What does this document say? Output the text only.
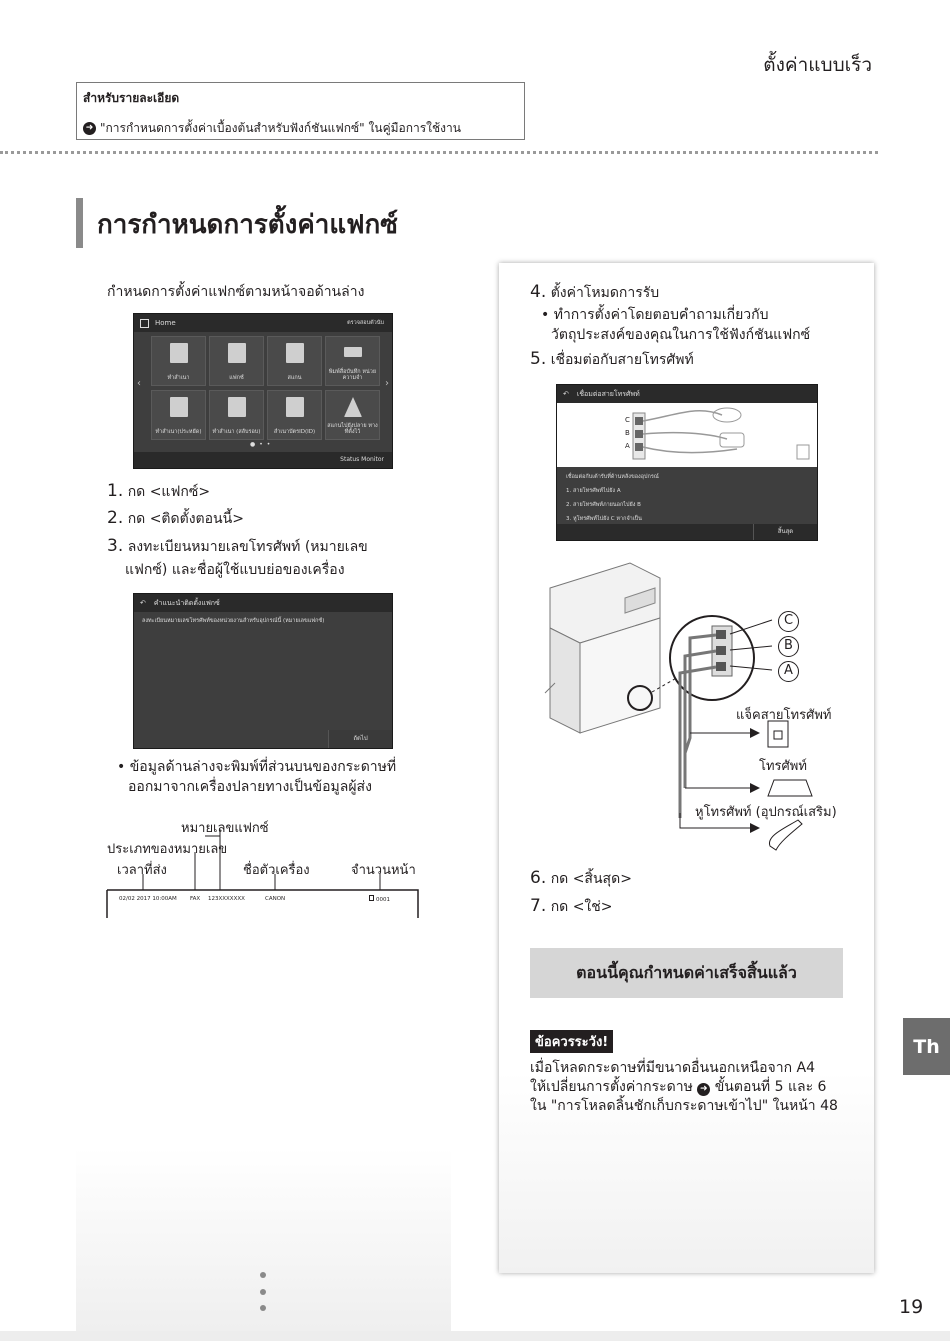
ตั้งค่าแบบเร็ว
สำหรับรายละเอียด
➜ "การกำหนดการตั้งค่าเบื้องต้นสำหรับฟังก์ชันแฟกซ์" ในคู่มือการใช้งาน
การกำหนดการตั้งค่าแฟกซ์
กำหนดการตั้งค่าแฟกซ์ตามหน้าจอด้านล่าง
Home	ตรวจสอบตัวนับ
ทำสำเนา	แฟกซ์	สแกน
พิมพ์สื่อบันทึก หน่วยความจำ
ทำสำเนา(ประหยัด)	ทำสำเนา (สลับรอบ)	สำเนาบัตรID(ID)
สแกนไปยังปลาย ทางที่ตั้งไว้
‹	›
●••
Status Monitor
1. กด <แฟกซ์>
2. กด <ติดตั้งตอนนี้>
3. ลงทะเบียนหมายเลขโทรศัพท์ (หมายเลข
แฟกซ์) และชื่อผู้ใช้แบบย่อของเครื่อง
↶ คำแนะนำติดตั้งแฟกซ์
ลงทะเบียนหมายเลขโทรศัพท์ของหน่วยงานสำหรับอุปกรณ์นี้ (หมายเลขแฟกซ์)
ถัดไป
• ข้อมูลด้านล่างจะพิมพ์ที่ส่วนบนของกระดาษที่
ออกมาจากเครื่องปลายทางเป็นข้อมูลผู้ส่ง
หมายเลขแฟกซ์
ประเภทของหมายเลข
เวลาที่ส่ง	ชื่อตัวเครื่อง	จำนวนหน้า
02/02 2017 10:00AM FAX 123XXXXXXX	CANON	0001
4. ตั้งค่าโหมดการรับ
• ทำการตั้งค่าโดยตอบคำถามเกี่ยวกับ
วัตถุประสงค์ของคุณในการใช้ฟังก์ชันแฟกซ์
5. เชื่อมต่อกับสายโทรศัพท์
↶ เชื่อมต่อสายโทรศัพท์
C
B
A
เชื่อมต่อกับเต้ารับที่ด้านหลังของอุปกรณ์
1. สายโทรศัพท์ไปยัง A
2. สายโทรศัพท์ภายนอกไปยัง B
3. หูโทรศัพท์ไปยัง C หากจำเป็น
สิ้นสุด
C
B
A
แจ็คสายโทรศัพท์
โทรศัพท์
หูโทรศัพท์ (อุปกรณ์เสริม)
6. กด <สิ้นสุด>
7. กด <ใช่>
ตอนนี้คุณกำหนดค่าเสร็จสิ้นแล้ว
ข้อควรระวัง!
เมื่อโหลดกระดาษที่มีขนาดอื่นนอกเหนือจาก A4
ให้เปลี่ยนการตั้งค่ากระดาษ ➜ ขั้นตอนที่ 5 และ 6
ใน "การโหลดลิ้นชักเก็บกระดาษเข้าไป" ในหน้า 48
Th
19
